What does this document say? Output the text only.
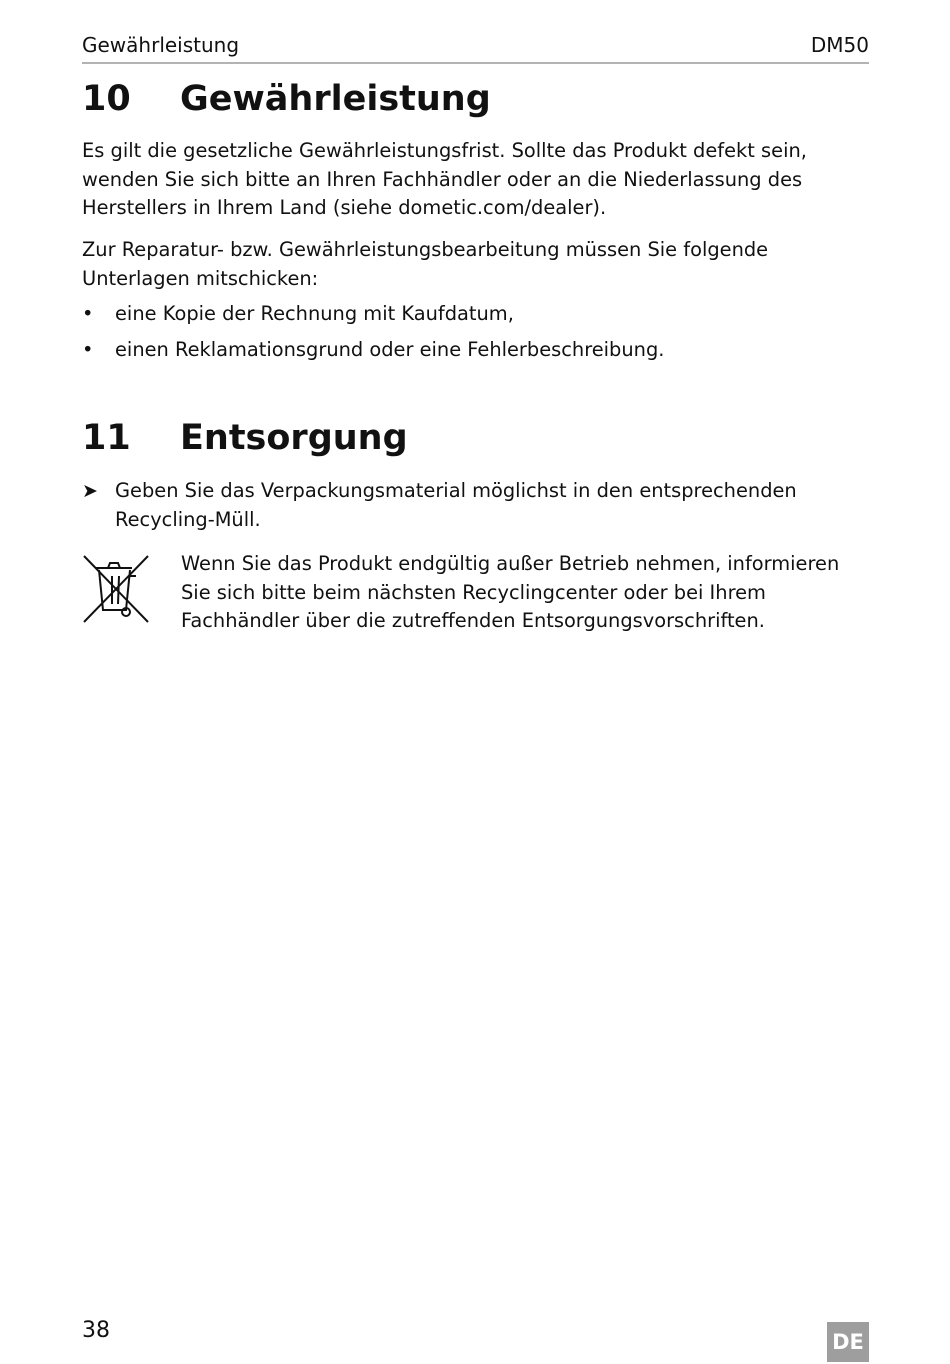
Gewährleistung	DM50
10 Gewährleistung
Es gilt die gesetzliche Gewährleistungsfrist. Sollte das Produkt defekt sein, wenden Sie sich bitte an Ihren Fachhändler oder an die Niederlassung des Herstellers in Ihrem Land (siehe dometic.com/dealer).
Zur Reparatur- bzw. Gewährleistungsbearbeitung müssen Sie folgende Unterlagen mitschicken:
•	eine Kopie der Rechnung mit Kaufdatum,
•	einen Reklamationsgrund oder eine Fehlerbeschreibung.
11 Entsorgung
➤ Geben Sie das Verpackungsmaterial möglichst in den entsprechenden Recycling-Müll.
Wenn Sie das Produkt endgültig außer Betrieb nehmen, informieren Sie sich bitte beim nächsten Recyclingcenter oder bei Ihrem Fachhändler über die zutreffenden Entsorgungsvorschriften.
38	DE
